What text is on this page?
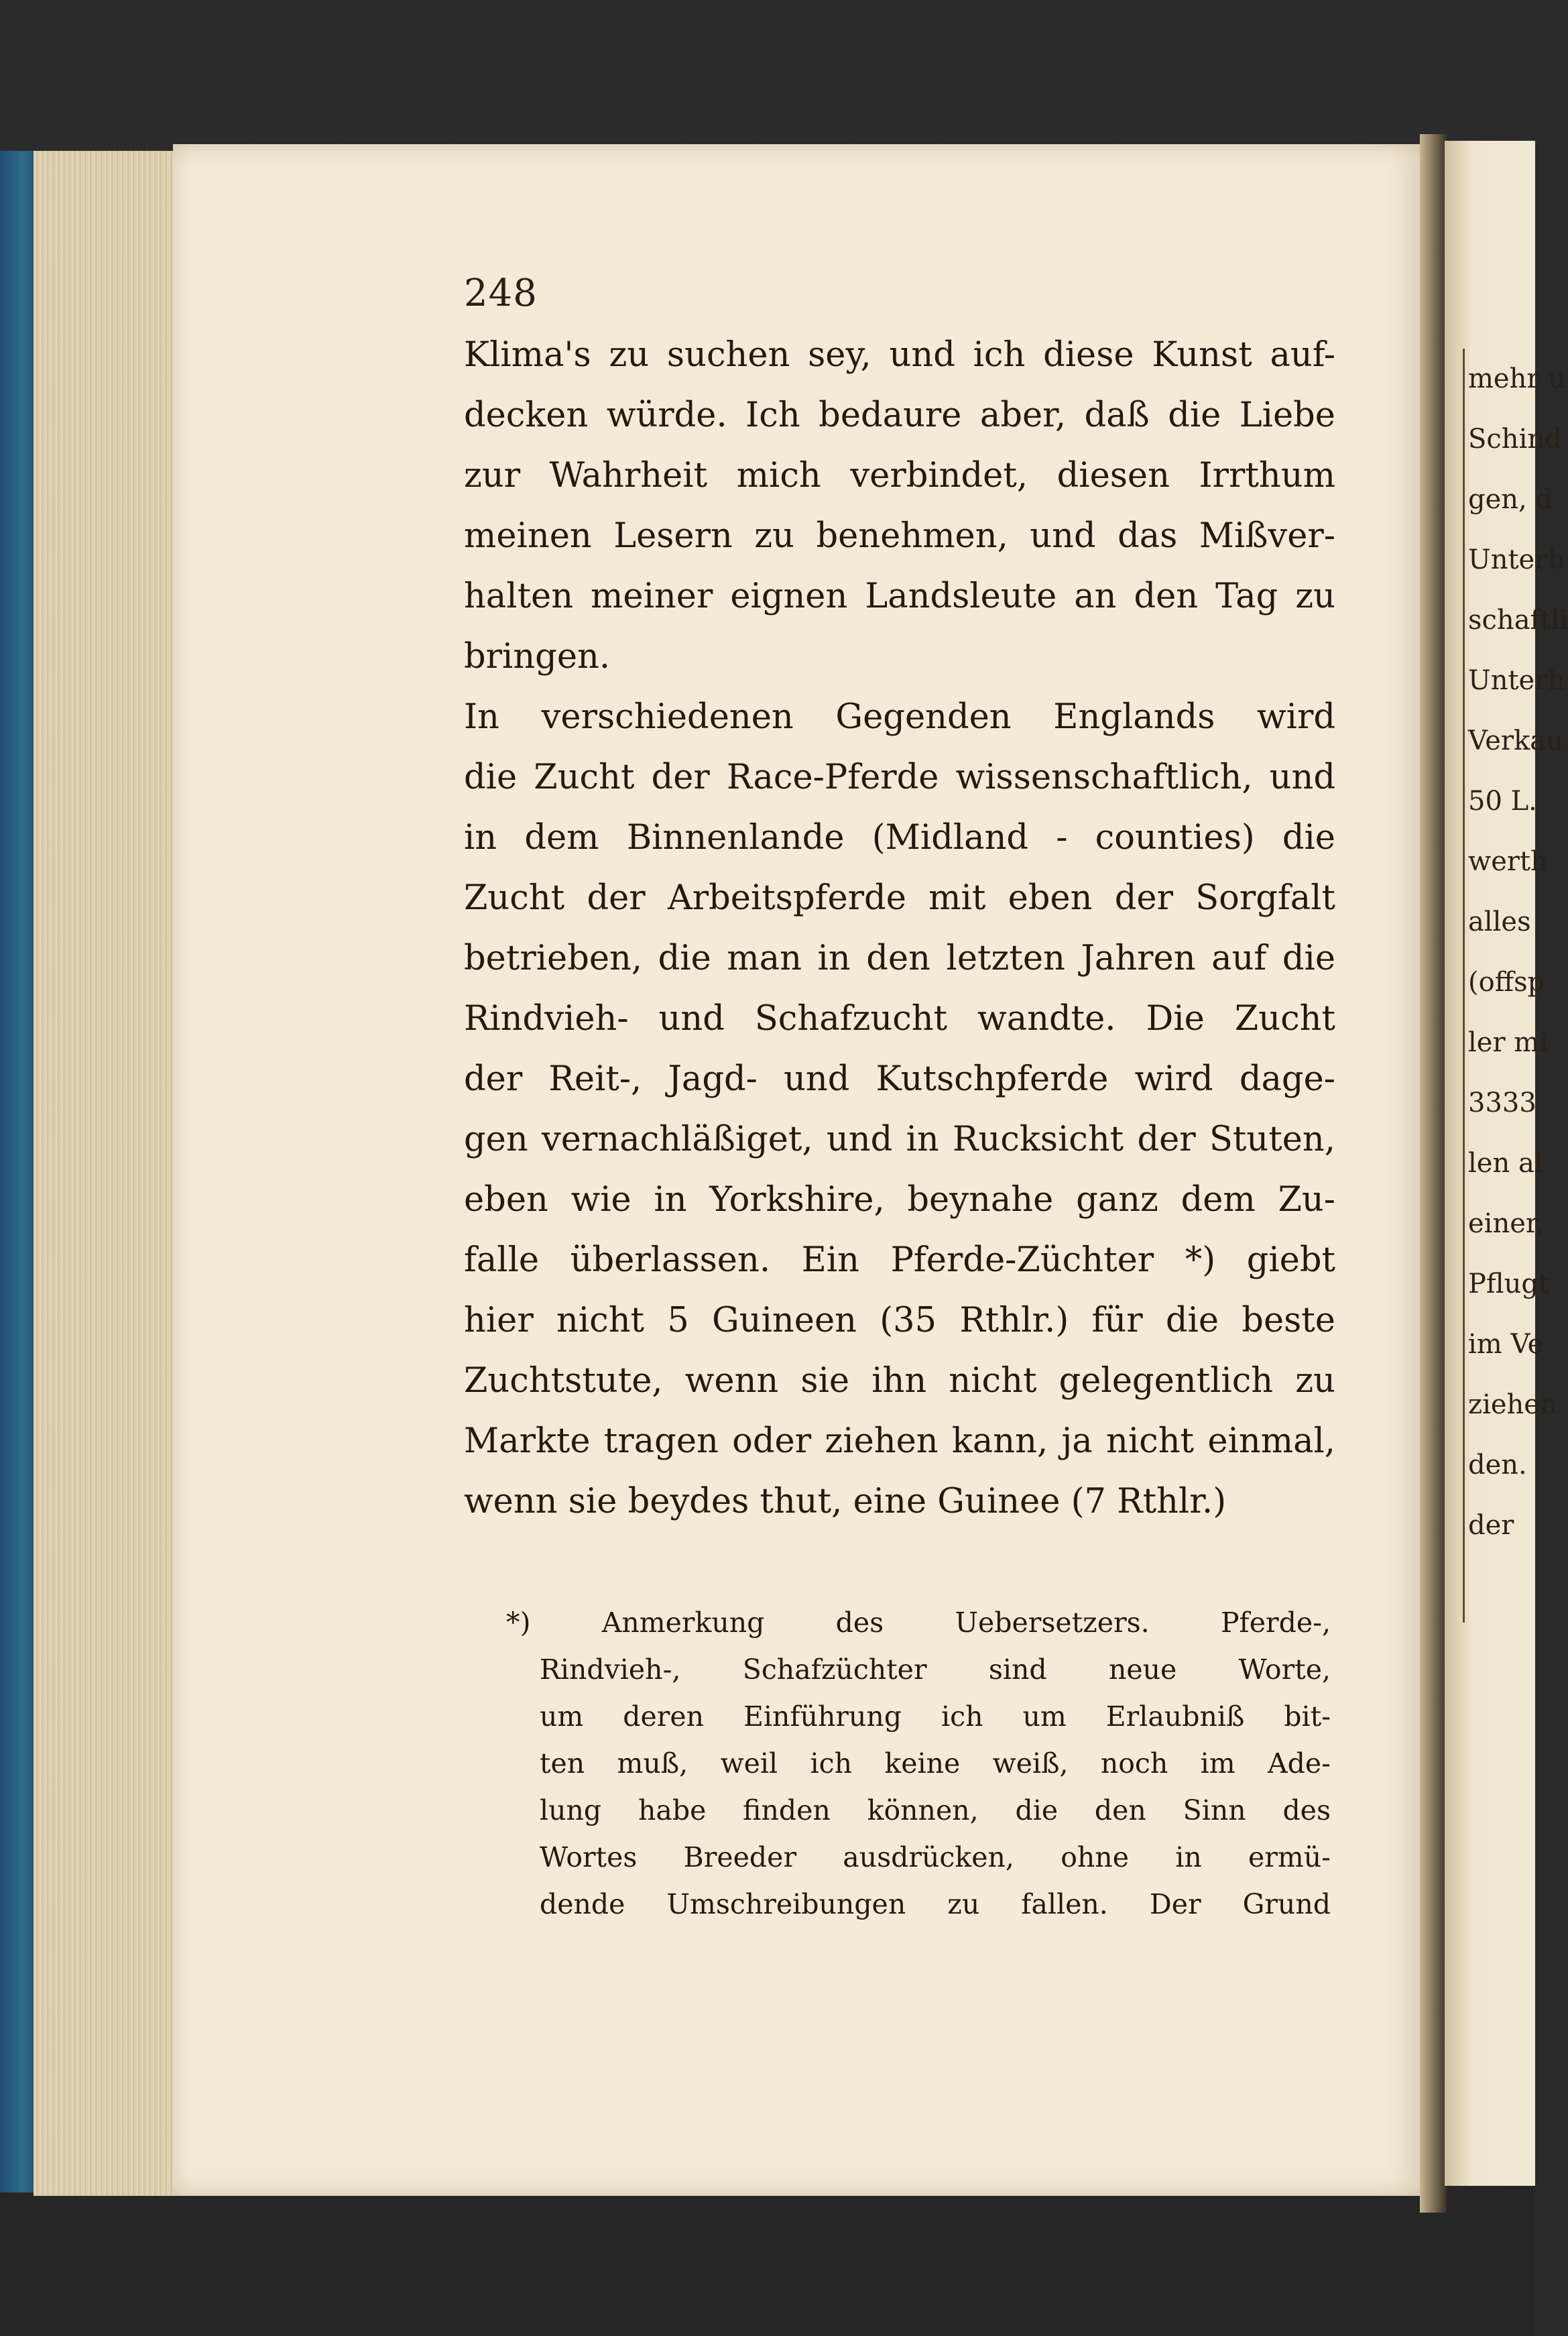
mehr u
Schind
gen, d
Unterh
schaftli
Unterh
Verkau
50 L.
werth
alles
(offsp
ler mi
3333
len al
einer,
Pflugt
im Ve
ziehen
den.
der
248
Klima's zu suchen sey, und ich diese Kunst auf-
decken würde. Ich bedaure aber, daß die Liebe
zur Wahrheit mich verbindet, diesen Irrthum
meinen Lesern zu benehmen, und das Mißver-
halten meiner eignen Landsleute an den Tag zu
bringen.
In verschiedenen Gegenden Englands wird
die Zucht der Race-Pferde wissenschaftlich, und
in dem Binnenlande (Midland - counties) die
Zucht der Arbeitspferde mit eben der Sorgfalt
betrieben, die man in den letzten Jahren auf die
Rindvieh- und Schafzucht wandte. Die Zucht
der Reit-, Jagd- und Kutschpferde wird dage-
gen vernachläßiget, und in Rucksicht der Stuten,
eben wie in Yorkshire, beynahe ganz dem Zu-
falle überlassen. Ein Pferde-Züchter *) giebt
hier nicht 5 Guineen (35 Rthlr.) für die beste
Zuchtstute, wenn sie ihn nicht gelegentlich zu
Markte tragen oder ziehen kann, ja nicht einmal,
wenn sie beydes thut, eine Guinee (7 Rthlr.)
*) Anmerkung des Uebersetzers. Pferde-,
Rindvieh-, Schafzüchter sind neue Worte,
um deren Einführung ich um Erlaubniß bit-
ten muß, weil ich keine weiß, noch im Ade-
lung habe finden können, die den Sinn des
Wortes Breeder ausdrücken, ohne in ermü-
dende Umschreibungen zu fallen. Der Grund
